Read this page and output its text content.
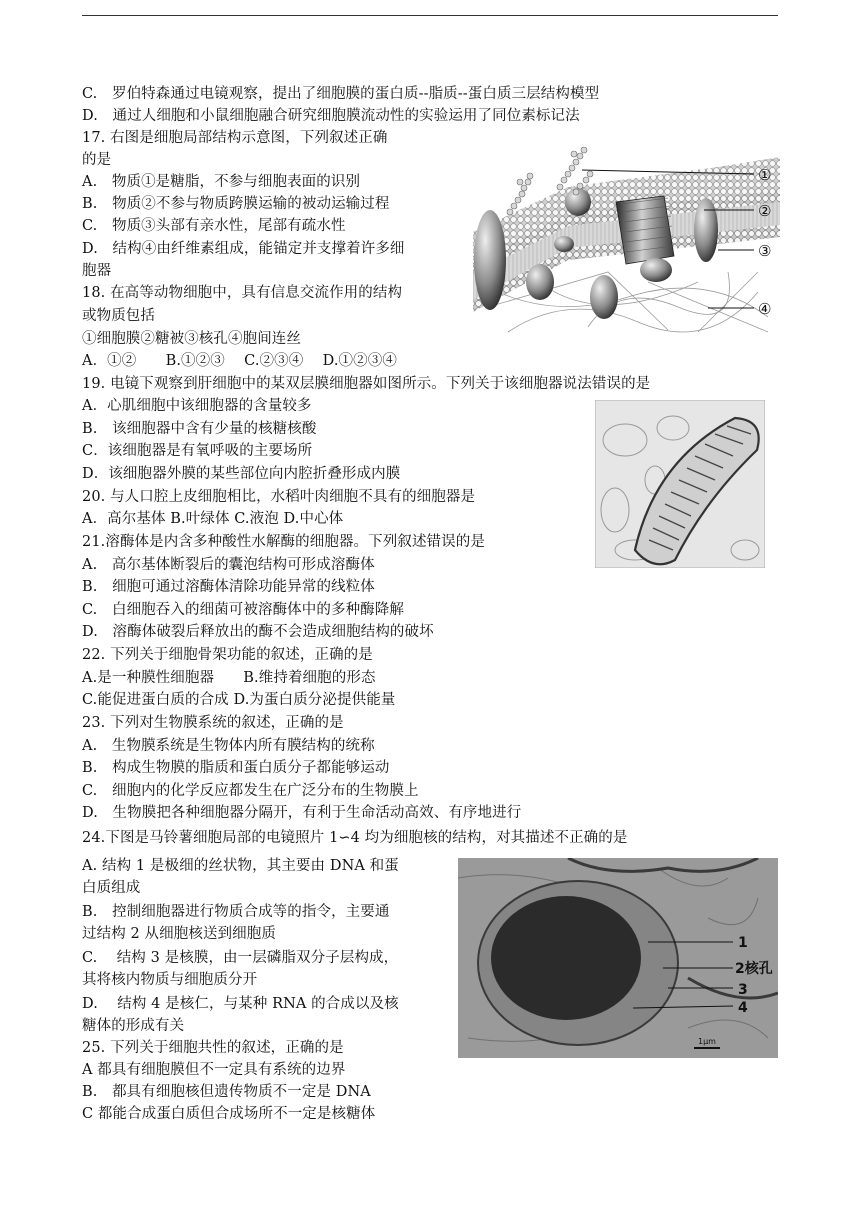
C.　罗伯特森通过电镜观察，提出了细胞膜的蛋白质--脂质--蛋白质三层结构模型
D.　通过人细胞和小鼠细胞融合研究细胞膜流动性的实验运用了同位素标记法
17. 右图是细胞局部结构示意图，下列叙述正确
的是
A.　物质①是糖脂，不参与细胞表面的识别
B.　物质②不参与物质跨膜运输的被动运输过程
C.　物质③头部有亲水性，尾部有疏水性
D.　结构④由纤维素组成，能锚定并支撑着许多细
胞器
18. 在高等动物细胞中，具有信息交流作用的结构
或物质包括
①细胞膜②糖被③核孔④胞间连丝
A．①②　　B.①②③　 C.②③④　 D.①②③④
19. 电镜下观察到肝细胞中的某双层膜细胞器如图所示。下列关于该细胞器说法错误的是
A．心肌细胞中该细胞器的含量较多
B.　该细胞器中含有少量的核糖核酸
C．该细胞器是有氧呼吸的主要场所
D．该细胞器外膜的某些部位向内腔折叠形成内膜
20. 与人口腔上皮细胞相比，水稻叶肉细胞不具有的细胞器是
A．高尔基体 B.叶绿体 C.液泡 D.中心体
21.溶酶体是内含多种酸性水解酶的细胞器。下列叙述错误的是
A.　高尔基体断裂后的囊泡结构可形成溶酶体
B.　细胞可通过溶酶体清除功能异常的线粒体
C.　白细胞吞入的细菌可被溶酶体中的多种酶降解
D.　溶酶体破裂后释放出的酶不会造成细胞结构的破坏
22. 下列关于细胞骨架功能的叙述，正确的是
A.是一种膜性细胞器　　B.维持着细胞的形态
C.能促进蛋白质的合成 D.为蛋白质分泌提供能量
23. 下列对生物膜系统的叙述，正确的是
A.　生物膜系统是生物体内所有膜结构的统称
B.　构成生物膜的脂质和蛋白质分子都能够运动
C.　细胞内的化学反应都发生在广泛分布的生物膜上
D.　生物膜把各种细胞器分隔开，有利于生命活动高效、有序地进行
24.下图是马铃薯细胞局部的电镜照片 1∽4 均为细胞核的结构，对其描述不正确的是
A. 结构 1 是极细的丝状物，其主要由 DNA 和蛋
白质组成
B.　控制细胞器进行物质合成等的指令，主要通
过结构 2 从细胞核送到细胞质
C.　 结构 3 是核膜，由一层磷脂双分子层构成，
其将核内物质与细胞质分开
D.　 结构 4 是核仁，与某种 RNA 的合成以及核
糖体的形成有关
25. 下列关于细胞共性的叙述，正确的是
A 都具有细胞膜但不一定具有系统的边界
B.　都具有细胞核但遗传物质不一定是 DNA
C 都能合成蛋白质但合成场所不一定是核糖体
①
②
③
④
1
2核孔
3
4
1μm
